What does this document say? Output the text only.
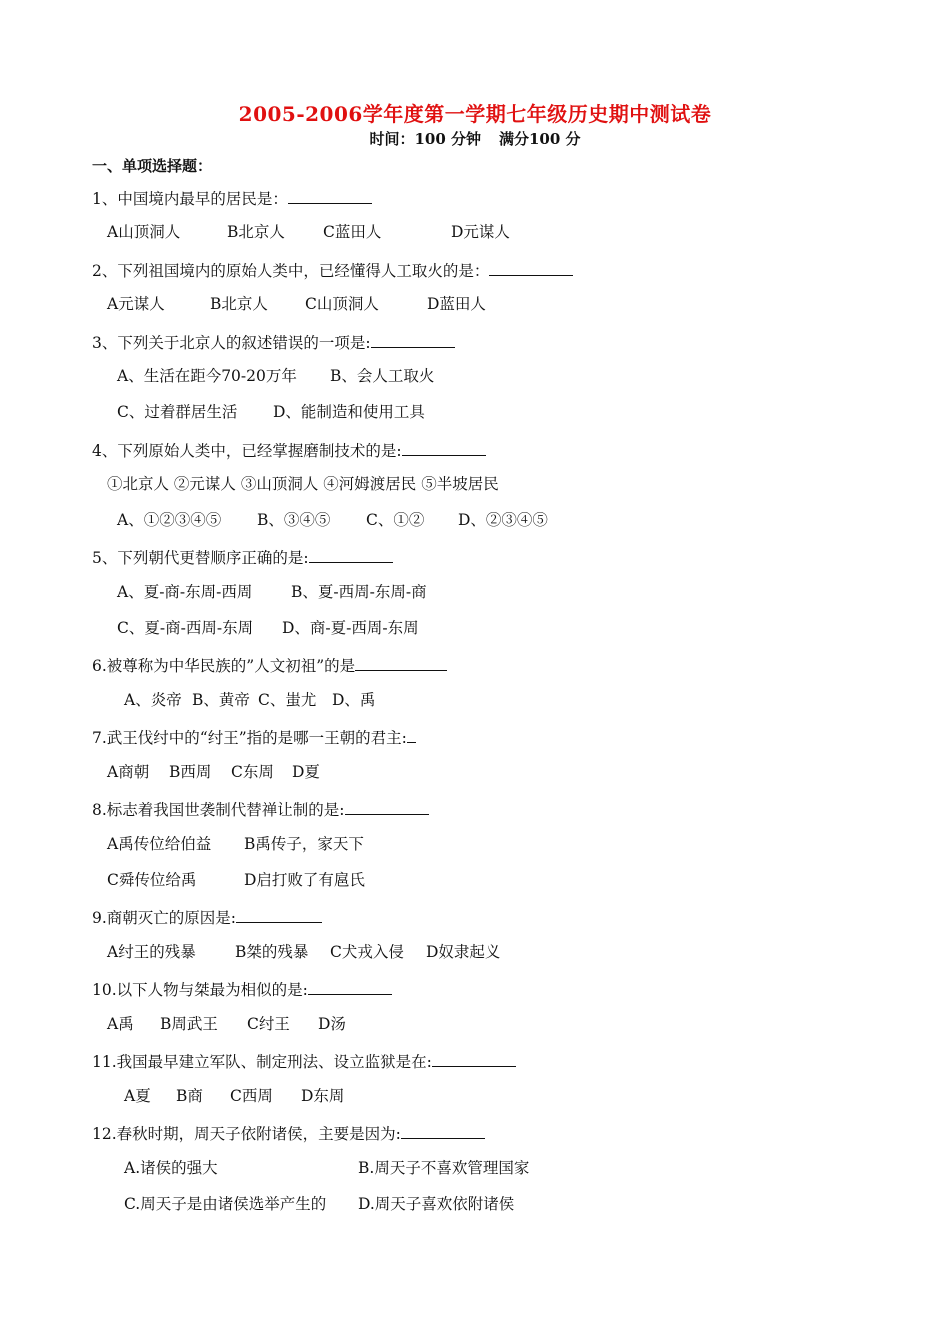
2005-2006学年度第一学期七年级历史期中测试卷
时间：100 分钟 满分100 分
一、单项选择题：
1、中国境内最早的居民是：
A山顶洞人	B北京人 C蓝田人	D元谋人
2、下列祖国境内的原始人类中，已经懂得人工取火的是：
A元谋人	B北京人 C山顶洞人	D蓝田人
3、下列关于北京人的叙述错误的一项是:
A、生活在距今70-20万年 B、会人工取火
C、过着群居生活 D、能制造和使用工具
4、下列原始人类中，已经掌握磨制技术的是:
①北京人 ②元谋人 ③山顶洞人 ④河姆渡居民 ⑤半坡居民
A、①②③④⑤ B、③④⑤ C、①② D、②③④⑤
5、下列朝代更替顺序正确的是:
A、夏-商-东周-西周 B、夏-西周-东周-商
C、夏-商-西周-东周 D、商-夏-西周-东周
6.被尊称为中华民族的”人文初祖”的是
A、炎帝 B、黄帝 C、蚩尤 D、禹
7.武王伐纣中的“纣王”指的是哪一王朝的君主:
A商朝 B西周 C东周 D夏
8.标志着我国世袭制代替禅让制的是:
A禹传位给伯益 B禹传子，家天下
C舜传位给禹	D启打败了有扈氏
9.商朝灭亡的原因是:
A纣王的残暴	B桀的残暴 C犬戎入侵 D奴隶起义
10.以下人物与桀最为相似的是:
A禹 B周武王 C纣王 D汤
11.我国最早建立军队、制定刑法、设立监狱是在:
A夏 B商 C西周 D东周
12.春秋时期，周天子依附诸侯，主要是因为:
A.诸侯的强大	B.周天子不喜欢管理国家
C.周天子是由诸侯选举产生的 D.周天子喜欢依附诸侯
